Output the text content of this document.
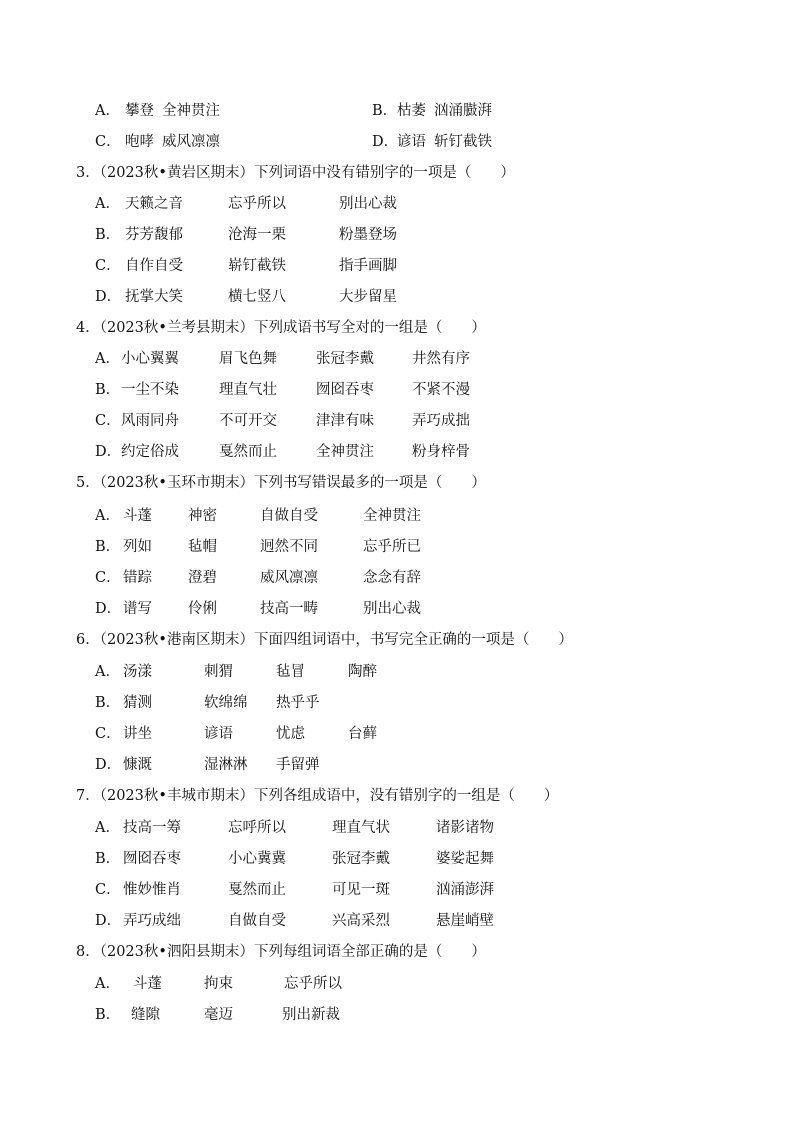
A． 攀登 全神贯注	B．枯萎 汹涌臌湃
C． 咆哮 威风凛凛	D．谚语 斩钉截铁
3．（2023秋•黄岩区期末）下列词语中没有错别字的一项是（　　）
A． 天籁之音	忘乎所以	别出心裁
B． 芬芳馥郁	沧海一栗	粉墨登场
C． 自作自受	崭钉截铁	指手画脚
D． 抚掌大笑	横七竖八	大步留星
4．（2023秋•兰考县期末）下列成语书写全对的一组是（　　）
A． 小心翼翼	眉飞色舞	张冠李戴	井然有序
B． 一尘不染	理直气壮	囫囵吞枣	不紧不漫
C． 风雨同舟	不可开交	津津有味	弄巧成拙
D． 约定俗成	戛然而止	全神贯注	粉身梓骨
5．（2023秋•玉环市期末）下列书写错误最多的一项是（　　）
A． 斗蓬 神密	自做自受	全神贯注
B． 列如 毡帽	迥然不同	忘乎所已
C． 错踪 澄碧	威风凛凛	念念有辞
D． 谱写 伶俐	技高一畴	别出心裁
6．（2023秋•港南区期末）下面四组词语中，书写完全正确的一项是（　　）
A． 汤漾	刺猬	毡冒	陶醉
B． 猜测	软绵绵 热乎乎
C． 讲坐	谚语	忧虑	台藓
D． 慷溉	湿淋淋 手留弹
7．（2023秋•丰城市期末）下列各组成语中，没有错别字的一组是（　　）
A． 技高一筹	忘呼所以	理直气状	诸影诸物
B． 囫囵吞枣	小心冀冀	张冠李戴	婆娑起舞
C． 惟妙惟肖	戛然而止	可见一斑	汹涌澎湃
D． 弄巧成绌	自做自受	兴高采烈	悬崖峭壁
8．（2023秋•泗阳县期末）下列每组词语全部正确的是（　　）
A． 斗蓬	拘束	忘乎所以
B． 缝隙	毫迈	别出新裁
